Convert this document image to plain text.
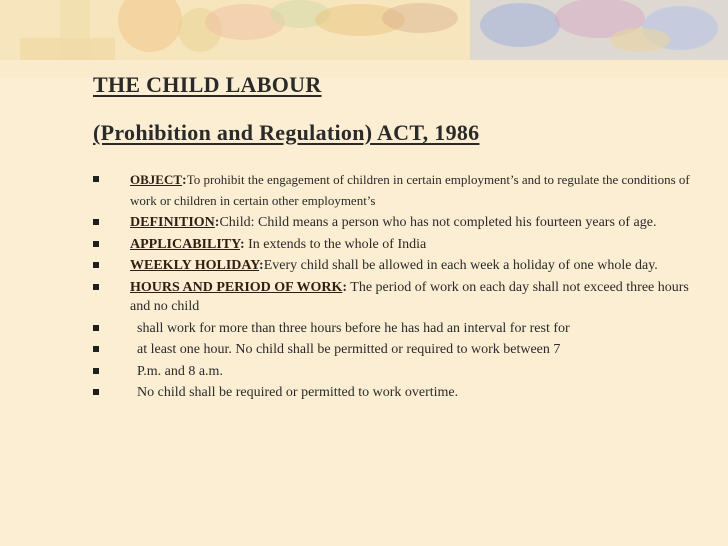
THE CHILD LABOUR
(Prohibition and Regulation) ACT, 1986
OBJECT:To prohibit the engagement of children in certain employment’s and to regulate the conditions of work or children in certain other employment’s
DEFINITION:Child: Child means a person who has not completed his fourteen years of age.
APPLICABILITY: In extends to the whole of India
WEEKLY HOLIDAY:Every child shall be allowed in each week a holiday of one whole day.
HOURS AND PERIOD OF WORK: The period of work on each day shall not exceed three hours and no child
shall work for more than three hours before he has had an interval for rest for
at least one hour. No child shall be permitted or required to work between 7
P.m. and 8 a.m.
No child shall be required or permitted to work overtime.
